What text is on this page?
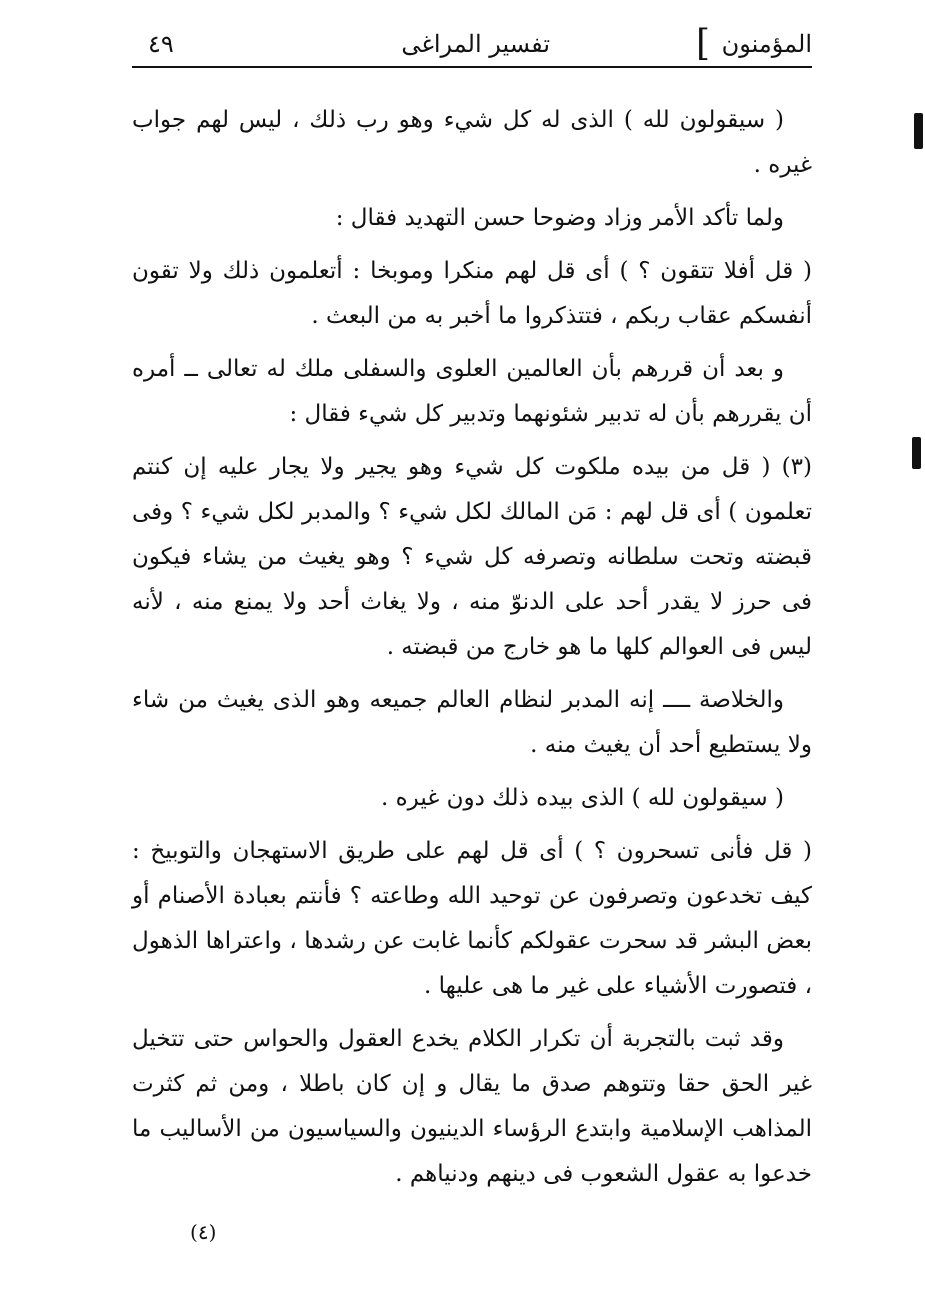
المؤمنون
]
تفسير المراغى
٤٩

( سيقولون لله ) الذى له كل شيء وهو رب ذلك ، ليس لهم جواب غيره .

ولما تأكد الأمر وزاد وضوحا حسن التهديد فقال :

( قل أفلا تتقون ؟ ) أى قل لهم منكرا وموبخا : أتعلمون ذلك ولا تقون أنفسكم عقاب ربكم ، فتتذكروا ما أخبر به من البعث .

و بعد أن قررهم بأن العالمين العلوى والسفلى ملك له تعالى ــ أمره أن يقررهم بأن له تدبير شئونهما وتدبير كل شيء فقال :

(٣) ( قل من بيده ملكوت كل شيء وهو يجير ولا يجار عليه إن كنتم تعلمون ) أى قل لهم : مَن المالك لكل شيء ؟ والمدبر لكل شيء ؟ وفى قبضته وتحت سلطانه وتصرفه كل شيء ؟ وهو يغيث من يشاء فيكون فى حرز لا يقدر أحد على الدنوّ منه ، ولا يغاث أحد ولا يمنع منه ، لأنه ليس فى العوالم كلها ما هو خارج من قبضته .

والخلاصة ــــ إنه المدبر لنظام العالم جميعه وهو الذى يغيث من شاء ولا يستطيع أحد أن يغيث منه .

( سيقولون لله ) الذى بيده ذلك دون غيره .

( قل فأنى تسحرون ؟ ) أى قل لهم على طريق الاستهجان والتوبيخ : كيف تخدعون وتصرفون عن توحيد الله وطاعته ؟ فأنتم بعبادة الأصنام أو بعض البشر قد سحرت عقولكم كأنما غابت عن رشدها ، واعتراها الذهول ، فتصورت الأشياء على غير ما هى عليها .

وقد ثبت بالتجربة أن تكرار الكلام يخدع العقول والحواس حتى تتخيل غير الحق حقا وتتوهم صدق ما يقال و إن كان باطلا ، ومن ثم كثرت المذاهب الإسلامية وابتدع الرؤساء الدينيون والسياسيون من الأساليب ما خدعوا به عقول الشعوب فى دينهم ودنياهم .

(٤)
